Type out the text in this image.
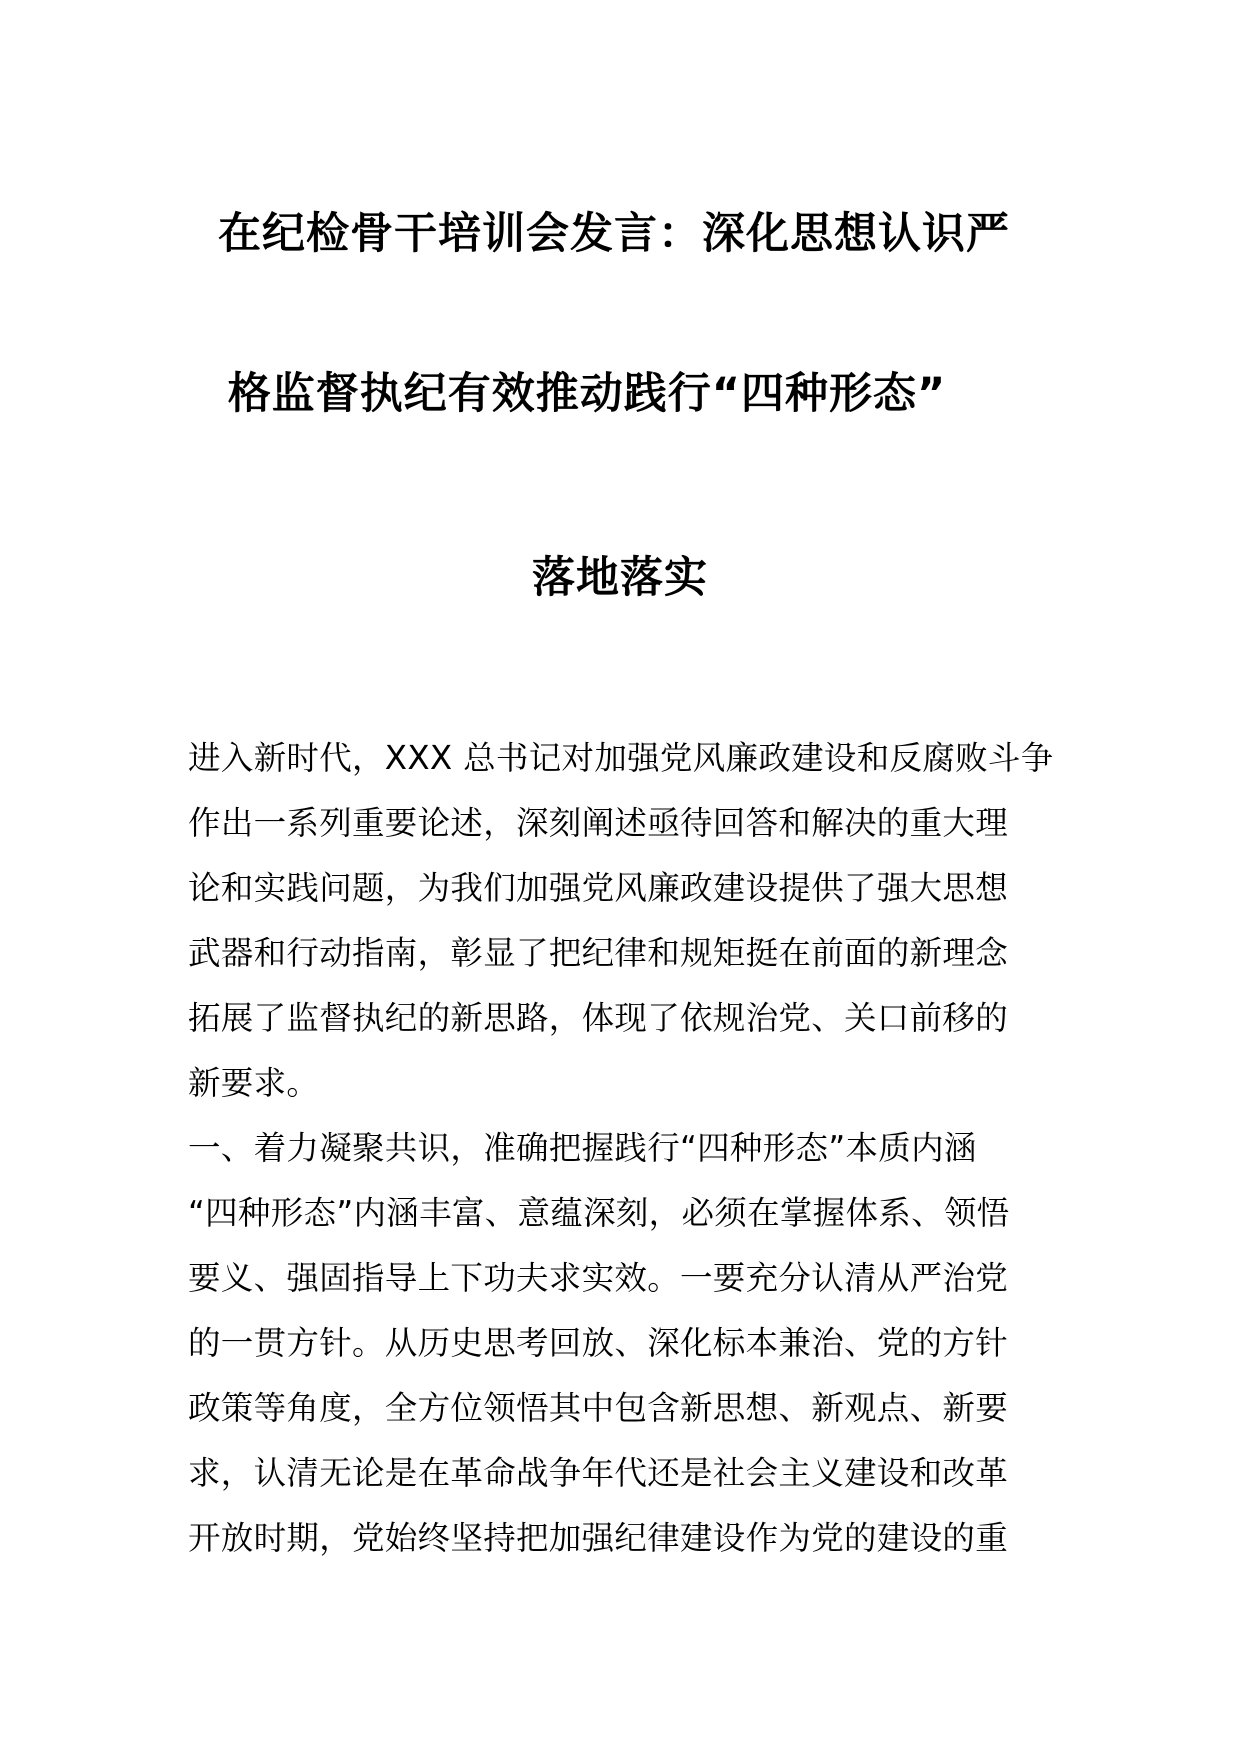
在纪检骨干培训会发言：深化思想认识严
格监督执纪有效推动践行“四种形态”
落地落实
进入新时代，XXX 总书记对加强党风廉政建设和反腐败斗争
作出一系列重要论述，深刻阐述亟待回答和解决的重大理
论和实践问题，为我们加强党风廉政建设提供了强大思想
武器和行动指南，彰显了把纪律和规矩挺在前面的新理念
拓展了监督执纪的新思路，体现了依规治党、关口前移的
新要求。
一、着力凝聚共识，准确把握践行“四种形态”本质内涵
“四种形态”内涵丰富、意蕴深刻，必须在掌握体系、领悟
要义、强固指导上下功夫求实效。一要充分认清从严治党
的一贯方针。从历史思考回放、深化标本兼治、党的方针
政策等角度，全方位领悟其中包含新思想、新观点、新要
求，认清无论是在革命战争年代还是社会主义建设和改革
开放时期，党始终坚持把加强纪律建设作为党的建设的重
